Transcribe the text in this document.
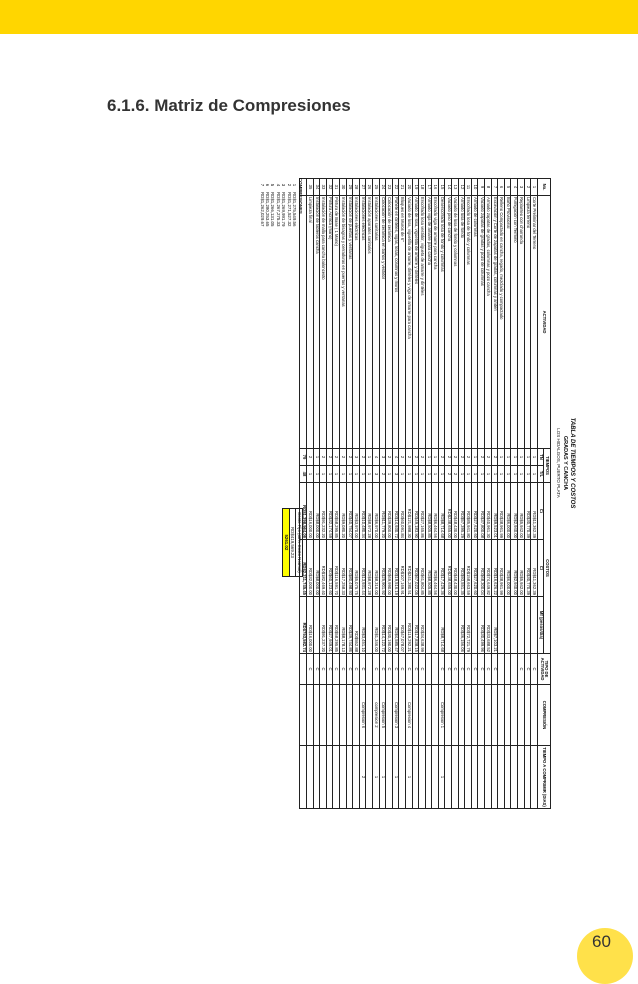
6.1.6. Matriz de Compresiones
TABLA DE TIEMPOS Y COSTOS
GRADAS Y CANCHA
LOS HIDALGOS, PUERTO PLATA
No.	ACTIVIDAD	TIEMPOS		COSTOS			TIPO DE ACTIVIDAD	COMPRESIÓN	TIEMPO A COMPRIMIR (DIAS)
		TN	T/L	Ci	Cl	Mf (pesos/día)			
1	Corte Preliminar del Terreno	1	1	RD$11,362.39	RD$11,362.39		C		
2	Limpieza terreno	1	1	RD$30,770.39	RD$30,770.39		C		
3	Replanteo con charranda	1	1	RD$5,942.00	RD$5,942.00		C		
4	Fumigación con Termino	1	1	RD$2,940.00	RD$2,940.00				
5	Baño Provisional	1	1	RD$6,000.00	RD$6,000.00				
6	Relleno Compactado en cancha, regado, mezclado y compactado	1	1	RD$38,961.99	RD$38,961.99				
7	Excavación y Corte de zapatas de gradas, columnas y andén	2	1	RD$9,523.01	RD$16,626.22	RD$7,103.21	C		
8	Armado zapatas de gradas, columnas y pozo cancha	2	1	RD$40,961.30	RD$74,649.82	RD$33,688.52	C		
9	Vaciado zapatas de gradas y pozo de columnas	2	1	RD$37,800.08	RD$68,300.04	RD$30,499.96	C		
10	Armado de columnas	1	1	RD$27,620.60	RD$27,620.60		C		
11	Encofrado losa de fondo y columnas	2	1	RD$85,941.80	RD$158,663.59	RD$72,721.79	C		
12	Armado losa de fondo	2	1	RD$57,395.29	RD$93,551.35	RD$36,156.06	C		
13	Vaciado de losa de fondo y columnas	2	2	RD$48,430.00	RD$48,430.00		C		
14	Vaciado piso de cancha	2	2	RD$238,655.00	RD$238,655.00		C		
15	Desencofrado losa de fondo y columnas	2	1	RD$8,714.68	RD$17,429.36	RD$8,714.68	C	Compresion 1	1
16	Encofrado viga de amarre para cancha	1	1	RD$6,464.56	RD$6,464.56				
17	Armado viga de amarre para cancha	1	1	RD$8,505.85	RD$8,505.85				
18	Encofrado losa vestidor, vigueta de amarre y dintéles	2	1	RD$27,165.86	RD$61,804.85	RD$34,638.99	C		
19	Armado de losa, viguetilla de amarre y dintéles	2	1	RD$49,183.90	RD$67,022.05	RD$17,838.15	C		
20	Vaciado de losa, viguetilla de amarre, dintéles y viga de amarre para cancha	2	1	RD$121,988.30	RD$241,280.51	RD$119,292.21	C	Compresion 4	1
21	Bloques en Muros de 6"	2	1	RD$60,091.84	RD$107,169.91	RD$47,078.07	C		
22	Pañete en dintéles, vigas, losas, columnas y muros	4	3	RD$14,930.72	RD$19,516.19	RD$4,585.47	C	Compresion 3	1
23	Colocación de cerámica	2	1	RD$39,800.00	RD$69,990.00	RD$30,190.00	C		
24	Colocación de cerámica en baños y vestidor	3	2	RD$11,779.20	RD$25,901.92	RD$14,122.72	C	Compresion 5	1
25	Instalaciones sanitarias	4	3	RD$6,970.00	RD$8,316.00	RD$1,346.00	C	compresion 2	1
26	Instalación aparatos sanitarios	1	1	RD$8,972.28	RD$8,972.28				
27	Instalaciones eléctricas	2	1	RD$10,480.34	RD$13,931.44	RD$3,451.10	C	Compresion 6	2
28	Instalaciones eléctricas	3	1	RD$3,970.00	RD$5,075.75	RD$552.88	C		
29	Instalación de puertas y ventanas	2	1	RD$40,754.07	RD$80,498.93	RD$39,744.86	C		
30	Instalación de bisagras y cerraduras en puertas y ventanas	2	1	RD$9,080.20	RD$17,258.33	RD$8,178.13	C		
31	Pintura de Base ( 1 Mano)	2	1	RD$58,295.85	RD$116,591.70	RD$58,295.85	C		
32	Pintura Acrílica (mano)	2	1	RD$32,174.59	RD$60,123.60	RD$27,949.01	C		
33	Instalación de malla para cancha baloncesto	2	1	RD$91,232.20	RD$182,469.40	RD$91,237.20	C		
34	Instalación de tableros cancha	1	1	RD$8,000.00	RD$8,000.00		C		
35	Limpieza final	2	1	RD$16,000.00	RD$32,000.00	RD$16,000.00	C		
		79	48	RD$1,398,564.09	RD$2,211,745.45	RD$753,582.74			
COMPRESIONES
1RD$1,275,549.56
2RD$1,271,527.32
3RD$1,269,991.79
4RD$1,267,275.33
5RD$1,266,131.05
6RD$1,280,253.65
7RD$1,262,029.67
Costo Fijo (30% Costo Normal)
RD$419,569.23
5261.02
60
